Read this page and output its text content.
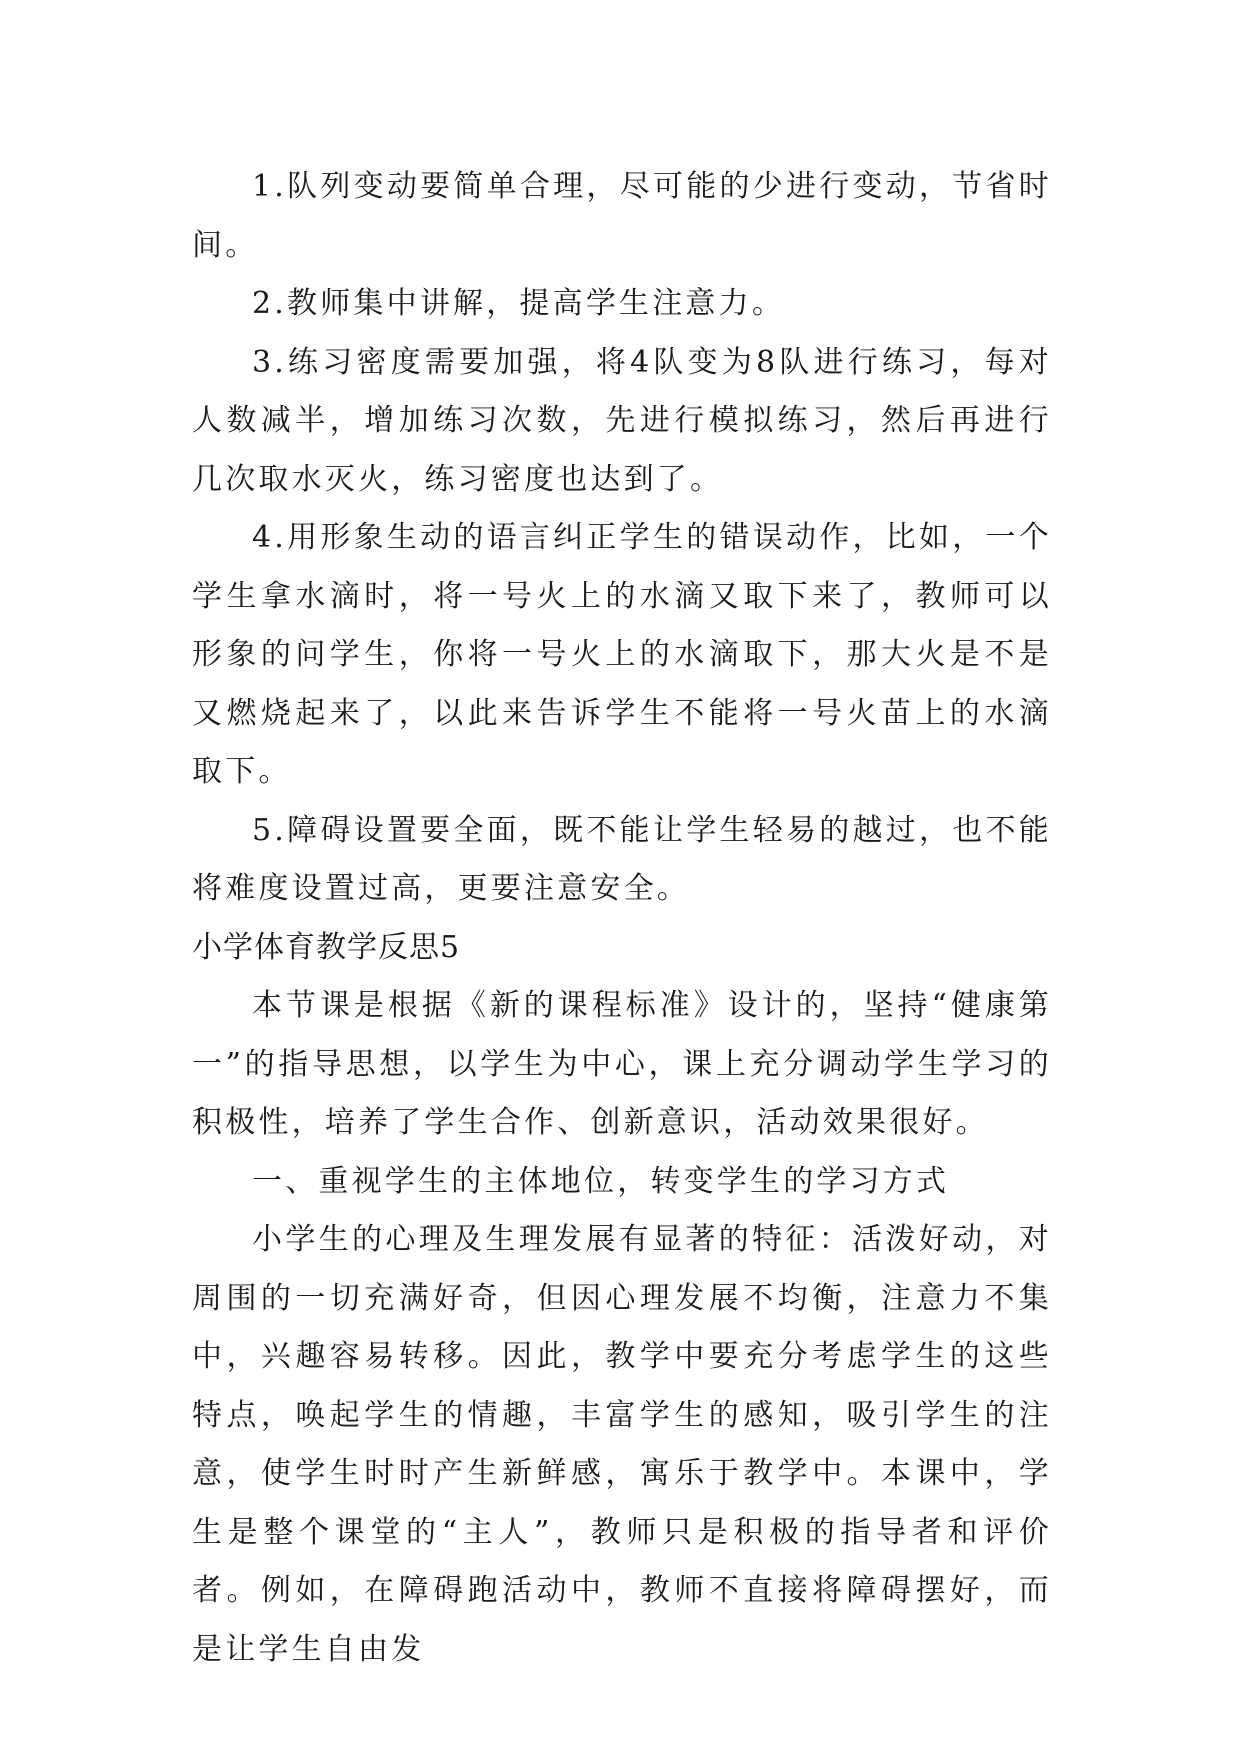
1.队列变动要简单合理，尽可能的少进行变动，节省时间。

2.教师集中讲解，提高学生注意力。

3.练习密度需要加强，将4队变为8队进行练习，每对人数减半，增加练习次数，先进行模拟练习，然后再进行几次取水灭火，练习密度也达到了。

4.用形象生动的语言纠正学生的错误动作，比如，一个学生拿水滴时，将一号火上的水滴又取下来了，教师可以形象的问学生，你将一号火上的水滴取下，那大火是不是又燃烧起来了，以此来告诉学生不能将一号火苗上的水滴取下。

5.障碍设置要全面，既不能让学生轻易的越过，也不能将难度设置过高，更要注意安全。

小学体育教学反思5

本节课是根据《新的课程标准》设计的，坚持“健康第一”的指导思想，以学生为中心，课上充分调动学生学习的积极性，培养了学生合作、创新意识，活动效果很好。

一、重视学生的主体地位，转变学生的学习方式

小学生的心理及生理发展有显著的特征：活泼好动，对周围的一切充满好奇，但因心理发展不均衡，注意力不集中，兴趣容易转移。因此，教学中要充分考虑学生的这些特点，唤起学生的情趣，丰富学生的感知，吸引学生的注意，使学生时时产生新鲜感，寓乐于教学中。本课中，学生是整个课堂的“主人”，教师只是积极的指导者和评价者。例如，在障碍跑活动中，教师不直接将障碍摆好，而是让学生自由发
